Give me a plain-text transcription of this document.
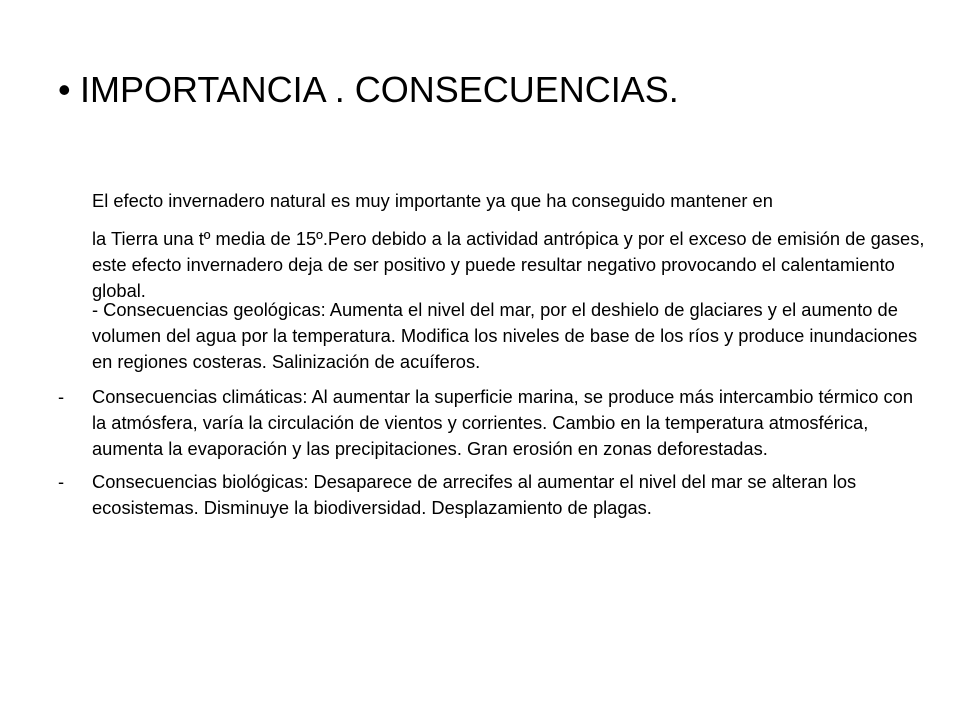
• IMPORTANCIA . CONSECUENCIAS.
El efecto invernadero natural es muy importante ya que ha conseguido mantener en
la Tierra una tº media de 15º.Pero debido a la actividad antrópica y por el exceso de emisión de gases, este efecto invernadero deja de ser positivo y puede resultar negativo provocando el calentamiento global.
- Consecuencias geológicas: Aumenta el nivel del mar, por el deshielo de glaciares y el aumento de volumen del agua por la temperatura. Modifica los niveles de base de los ríos y produce inundaciones en regiones costeras. Salinización de acuíferos.
- Consecuencias climáticas: Al aumentar la superficie marina, se produce más intercambio térmico con la atmósfera, varía la circulación de vientos y corrientes. Cambio en la temperatura atmosférica, aumenta la evaporación y las precipitaciones. Gran erosión en zonas deforestadas.
- Consecuencias biológicas: Desaparece de arrecifes al aumentar el nivel del mar se alteran los ecosistemas. Disminuye la biodiversidad. Desplazamiento de plagas.
